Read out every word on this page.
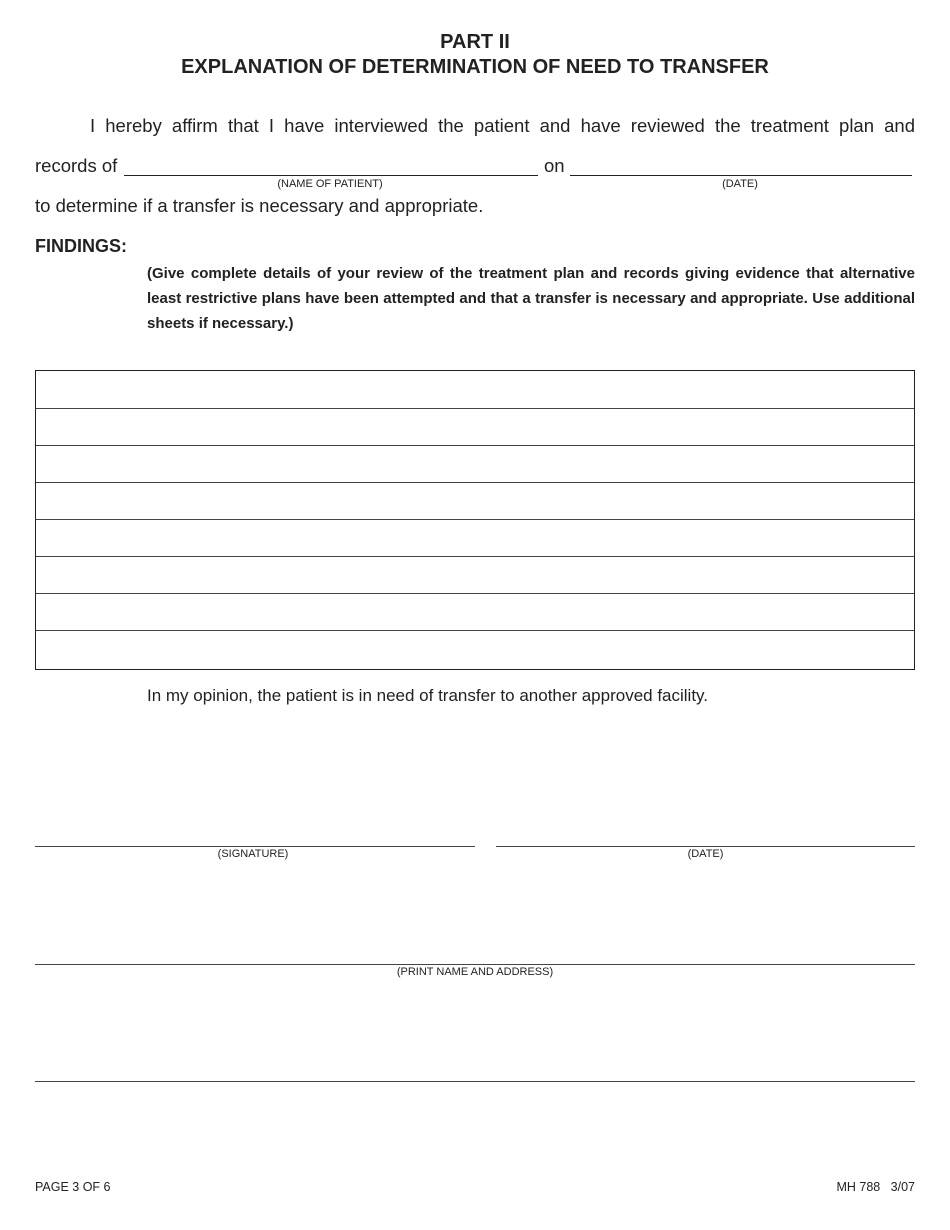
PART II
EXPLANATION OF DETERMINATION OF NEED TO TRANSFER
I hereby affirm that I have interviewed the patient and have reviewed the treatment plan and
records of
(NAME OF PATIENT)
on
(DATE)
to determine if a transfer is necessary and appropriate.
FINDINGS:
(Give complete details of your review of the treatment plan and records giving evidence that alternative least restrictive plans have been attempted and that a transfer is necessary and appropriate. Use additional sheets if necessary.)
In my opinion, the patient is in need of transfer to another approved facility.
(SIGNATURE)	(DATE)
(PRINT NAME AND ADDRESS)
PAGE 3 OF 6	MH 788   3/07
